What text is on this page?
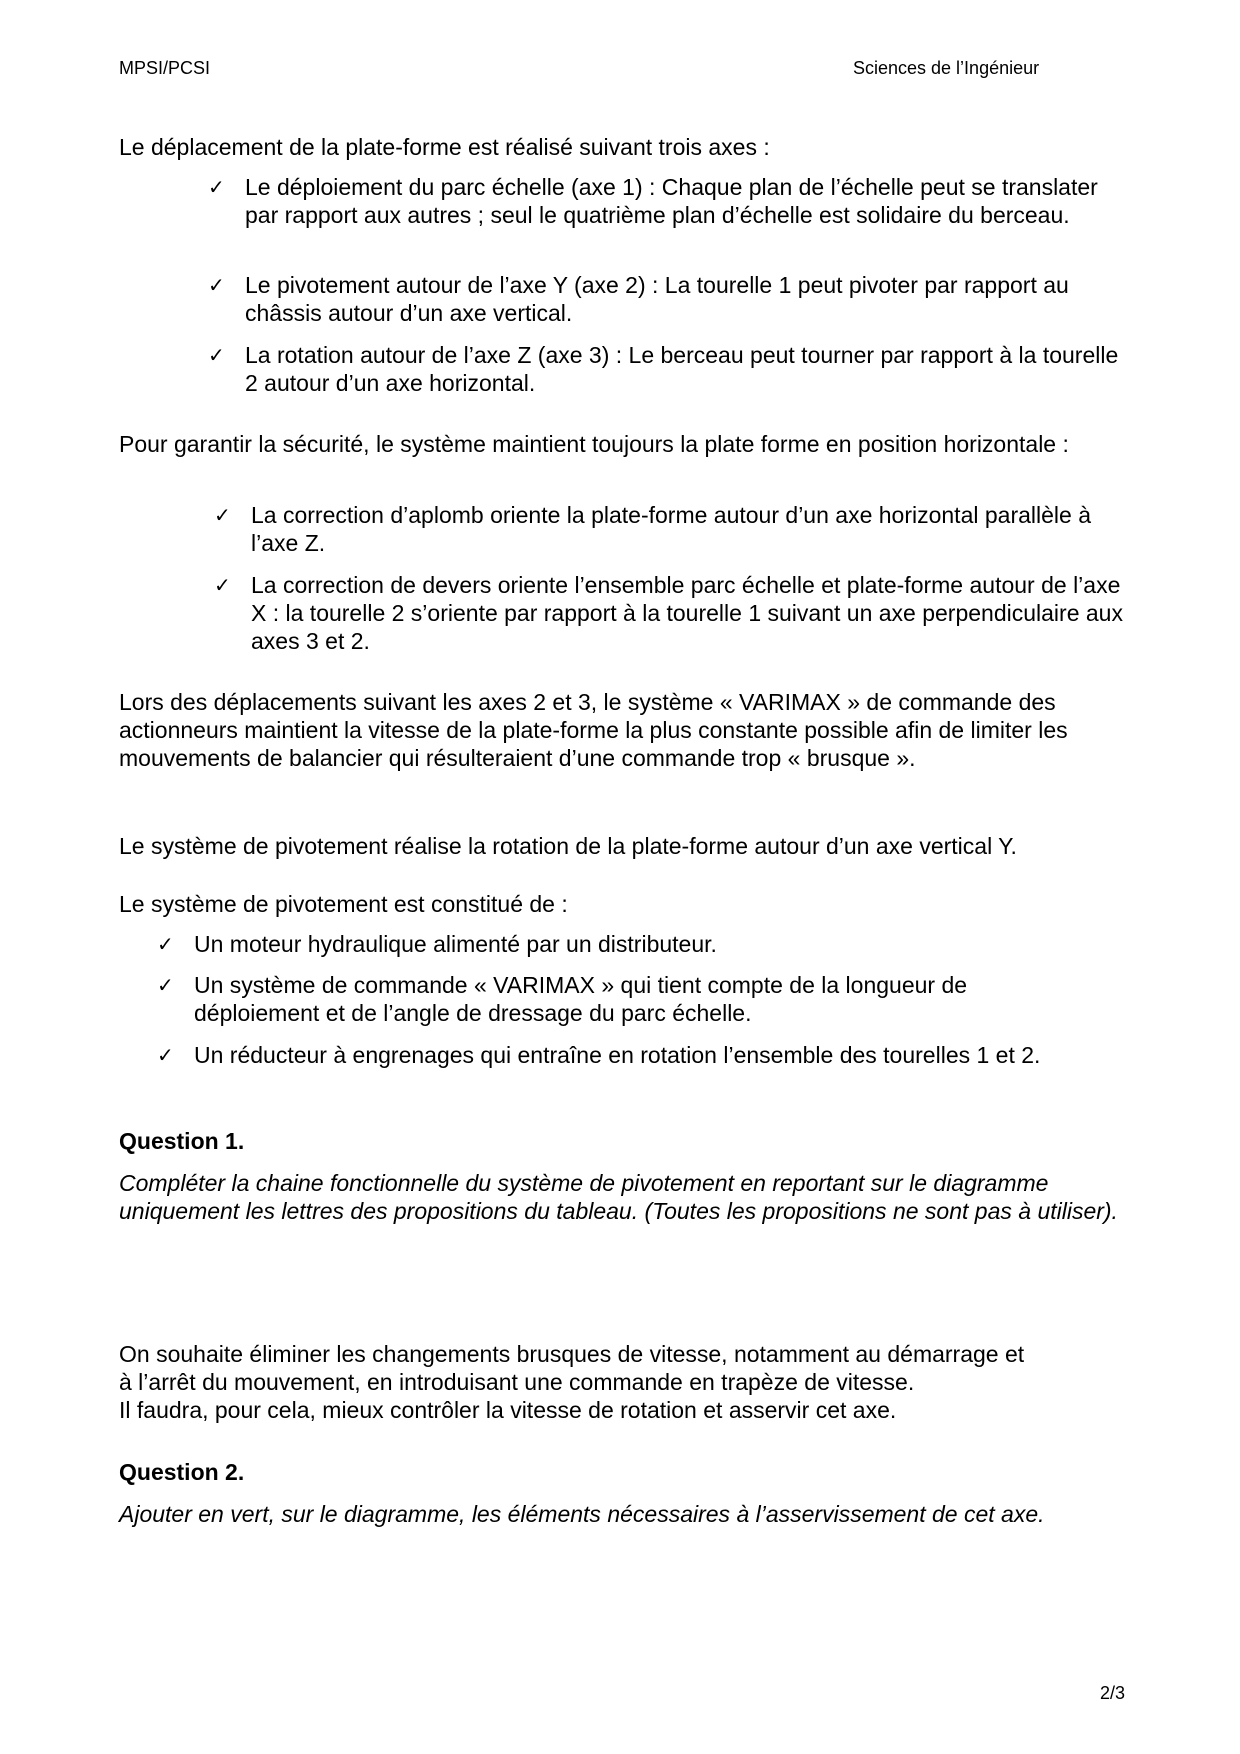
MPSI/PCSI	Sciences de l’Ingénieur

Le déplacement de la plate-forme est réalisé suivant trois axes :

✓ Le déploiement du parc échelle (axe 1) : Chaque plan de l’échelle peut se translater par rapport aux autres ; seul le quatrième plan d’échelle est solidaire du berceau.
✓ Le pivotement autour de l’axe Y (axe 2) : La tourelle 1 peut pivoter par rapport au châssis autour d’un axe vertical.
✓ La rotation autour de l’axe Z (axe 3) : Le berceau peut tourner par rapport à la tourelle 2 autour d’un axe horizontal.

Pour garantir la sécurité, le système maintient toujours la plate forme en position horizontale :

✓ La correction d’aplomb oriente la plate-forme autour d’un axe horizontal parallèle à l’axe Z.
✓ La correction de devers oriente l’ensemble parc échelle et plate-forme autour de l’axe X : la tourelle 2 s’oriente par rapport à la tourelle 1 suivant un axe perpendiculaire aux axes 3 et 2.

Lors des déplacements suivant les axes 2 et 3, le système « VARIMAX » de commande des actionneurs maintient la vitesse de la plate-forme la plus constante possible afin de limiter les mouvements de balancier qui résulteraient d’une commande trop « brusque ».

Le système de pivotement réalise la rotation de la plate-forme autour d’un axe vertical Y.

Le système de pivotement est constitué de :

✓ Un moteur hydraulique alimenté par un distributeur.
✓ Un système de commande « VARIMAX » qui tient compte de la longueur de déploiement et de l’angle de dressage du parc échelle.
✓ Un réducteur à engrenages qui entraîne en rotation l’ensemble des tourelles 1 et 2.

Question 1.

Compléter la chaine fonctionnelle du système de pivotement en reportant sur le diagramme uniquement les lettres des propositions du tableau. (Toutes les propositions ne sont pas à utiliser).

On souhaite éliminer les changements brusques de vitesse, notamment au démarrage et

à l’arrêt du mouvement, en introduisant une commande en trapèze de vitesse.

Il faudra, pour cela, mieux contrôler la vitesse de rotation et asservir cet axe.

Question 2.

Ajouter en vert, sur le diagramme, les éléments nécessaires à l’asservissement de cet axe.

2/3
